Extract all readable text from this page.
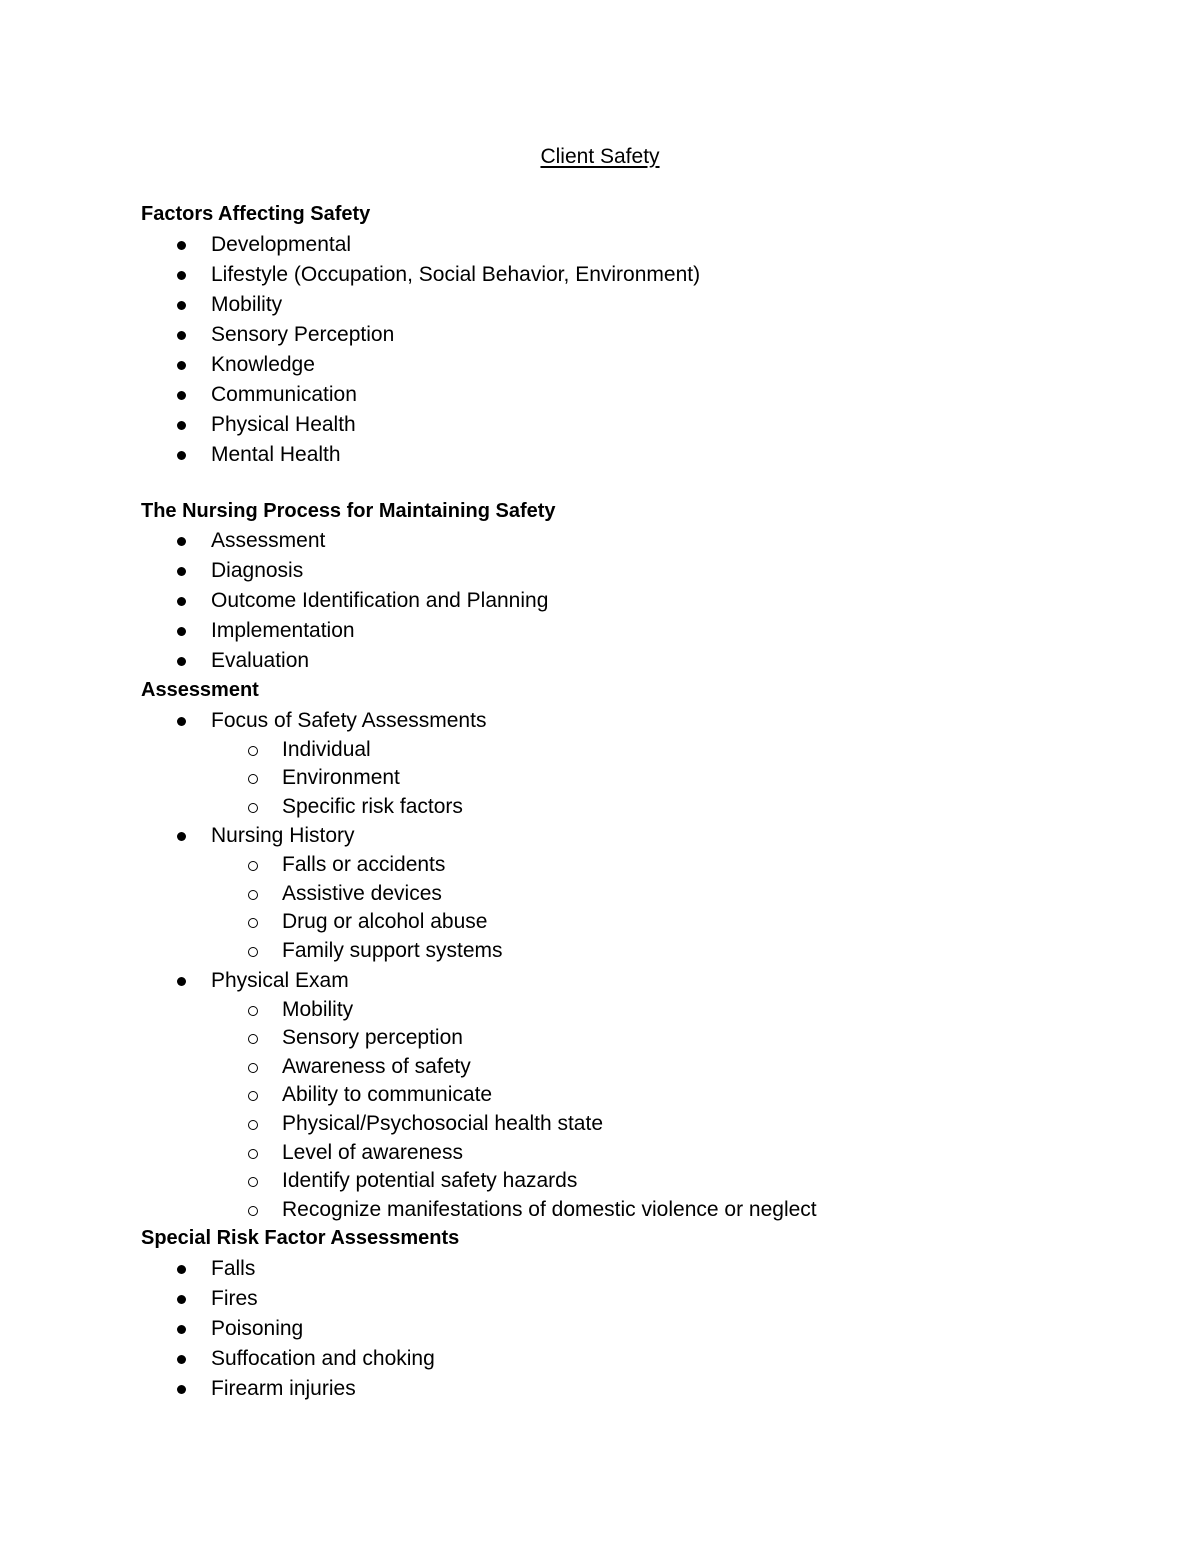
Client Safety
Factors Affecting Safety
Developmental
Lifestyle (Occupation, Social Behavior, Environment)
Mobility
Sensory Perception
Knowledge
Communication
Physical Health
Mental Health
The Nursing Process for Maintaining Safety
Assessment
Diagnosis
Outcome Identification and Planning
Implementation
Evaluation
Assessment
Focus of Safety Assessments
Individual
Environment
Specific risk factors
Nursing History
Falls or accidents
Assistive devices
Drug or alcohol abuse
Family support systems
Physical Exam
Mobility
Sensory perception
Awareness of safety
Ability to communicate
Physical/Psychosocial health state
Level of awareness
Identify potential safety hazards
Recognize manifestations of domestic violence or neglect
Special Risk Factor Assessments
Falls
Fires
Poisoning
Suffocation and choking
Firearm injuries
